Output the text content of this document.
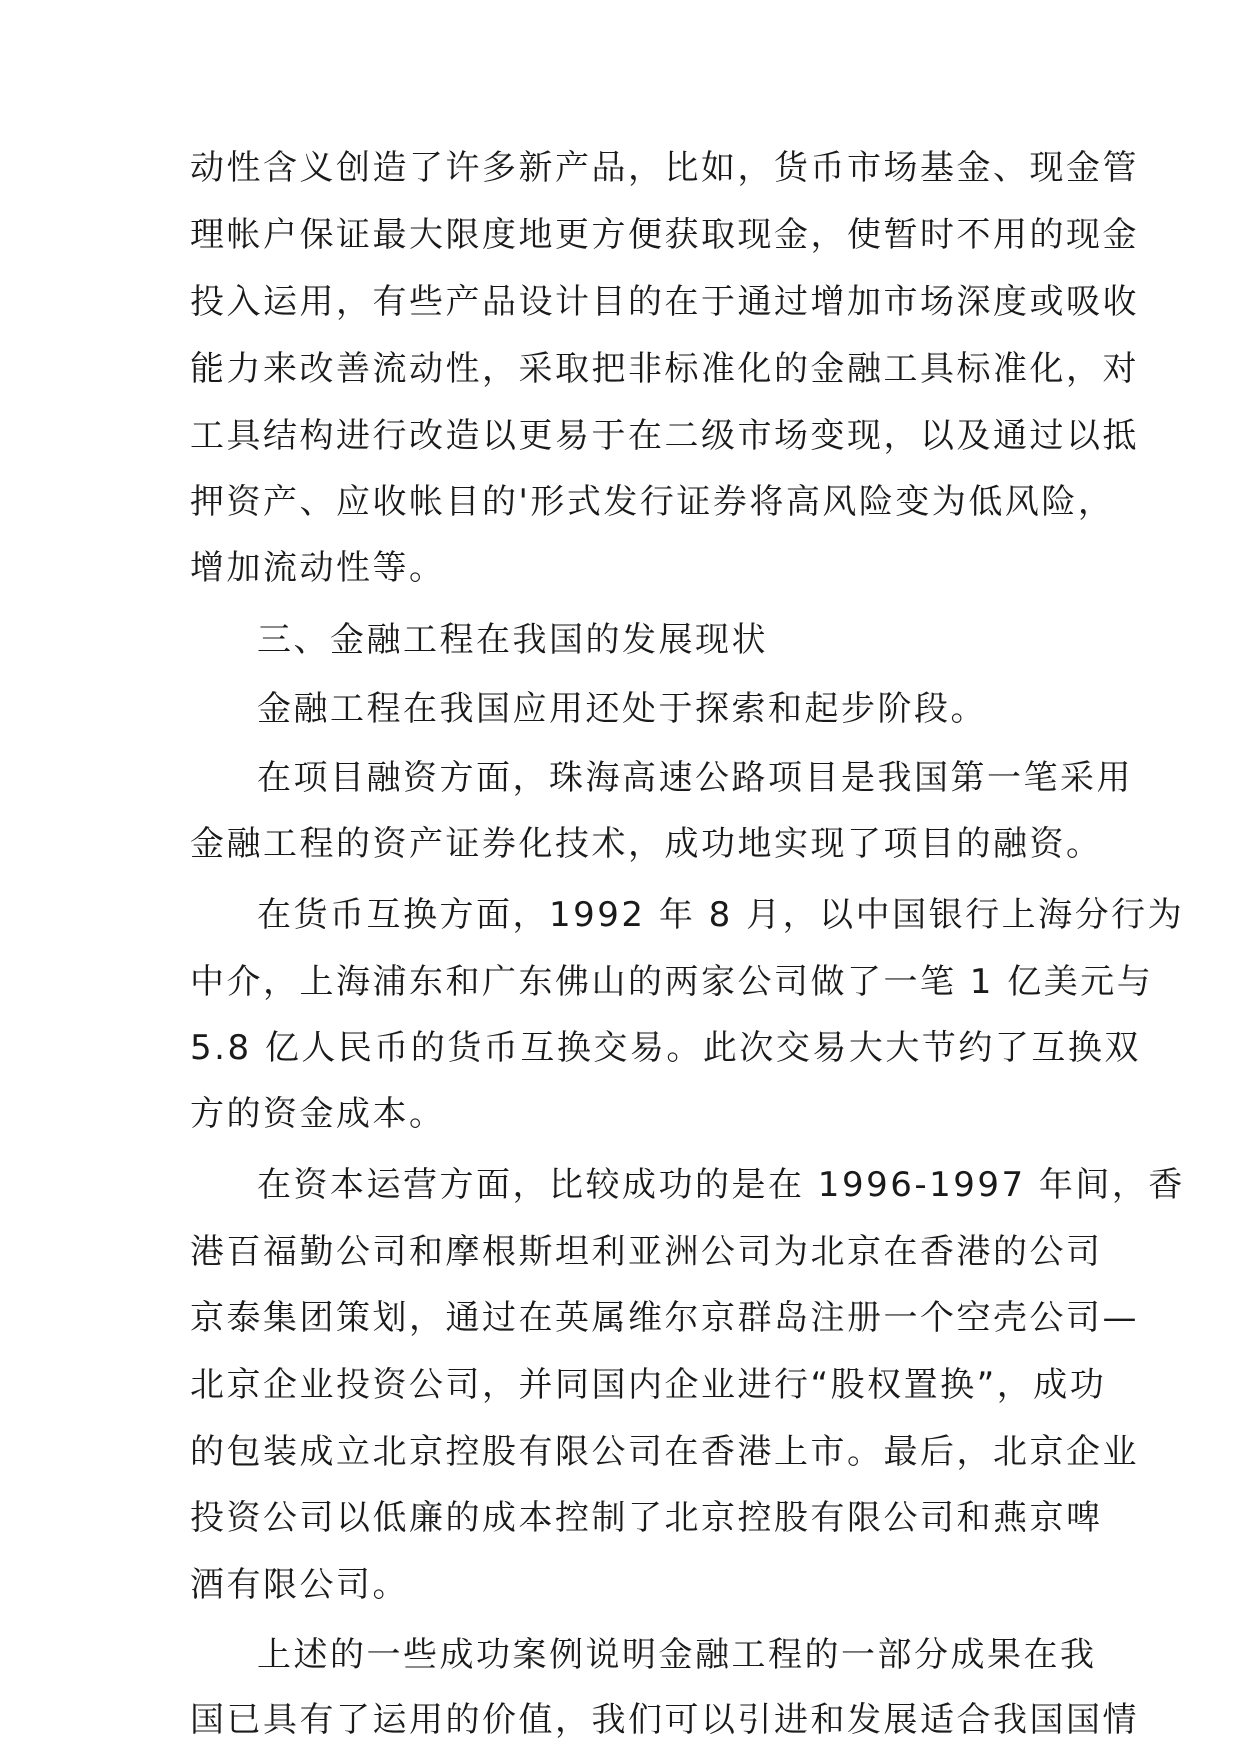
动性含义创造了许多新产品，比如，货币市场基金、现金管
理帐户保证最大限度地更方便获取现金，使暂时不用的现金
投入运用，有些产品设计目的在于通过增加市场深度或吸收
能力来改善流动性，采取把非标准化的金融工具标准化，对
工具结构进行改造以更易于在二级市场变现，以及通过以抵
押资产、应收帐目的'形式发行证券将高风险变为低风险，
增加流动性等。
三、金融工程在我国的发展现状
金融工程在我国应用还处于探索和起步阶段。
在项目融资方面，珠海高速公路项目是我国第一笔采用
金融工程的资产证券化技术，成功地实现了项目的融资。
在货币互换方面，1992 年 8 月，以中国银行上海分行为
中介，上海浦东和广东佛山的两家公司做了一笔 1 亿美元与
5.8 亿人民币的货币互换交易。此次交易大大节约了互换双
方的资金成本。
在资本运营方面，比较成功的是在 1996-1997 年间，香
港百福勤公司和摩根斯坦利亚洲公司为北京在香港的公司
京泰集团策划，通过在英属维尔京群岛注册一个空壳公司—
北京企业投资公司，并同国内企业进行“股权置换”，成功
的包装成立北京控股有限公司在香港上市。最后，北京企业
投资公司以低廉的成本控制了北京控股有限公司和燕京啤
酒有限公司。
上述的一些成功案例说明金融工程的一部分成果在我
国已具有了运用的价值，我们可以引进和发展适合我国国情
